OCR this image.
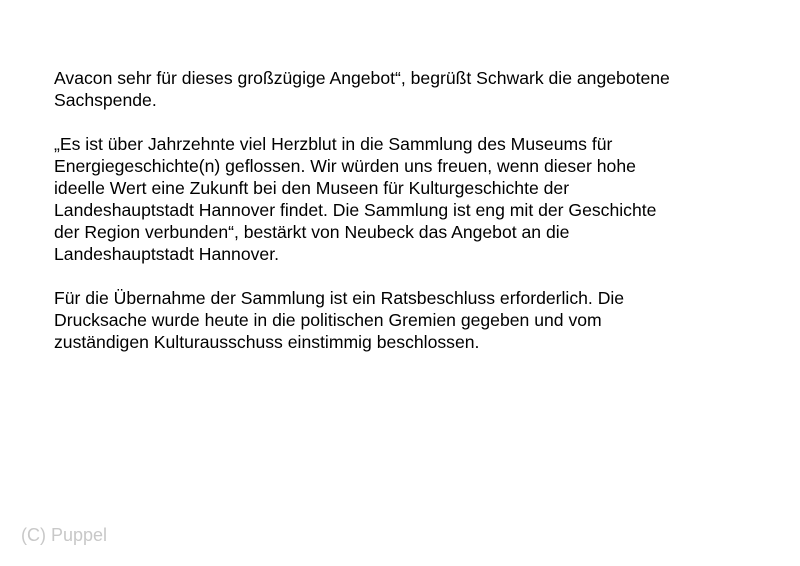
Avacon sehr für dieses großzügige Angebot“, begrüßt Schwark die angebotene
Sachspende.

„Es ist über Jahrzehnte viel Herzblut in die Sammlung des Museums für
Energiegeschichte(n) geflossen. Wir würden uns freuen, wenn dieser hohe
ideelle Wert eine Zukunft bei den Museen für Kulturgeschichte der
Landeshauptstadt Hannover findet. Die Sammlung ist eng mit der Geschichte
der Region verbunden“, bestärkt von Neubeck das Angebot an die
Landeshauptstadt Hannover.

Für die Übernahme der Sammlung ist ein Ratsbeschluss erforderlich. Die
Drucksache wurde heute in die politischen Gremien gegeben und vom
zuständigen Kulturausschuss einstimmig beschlossen.

(C) Puppel
